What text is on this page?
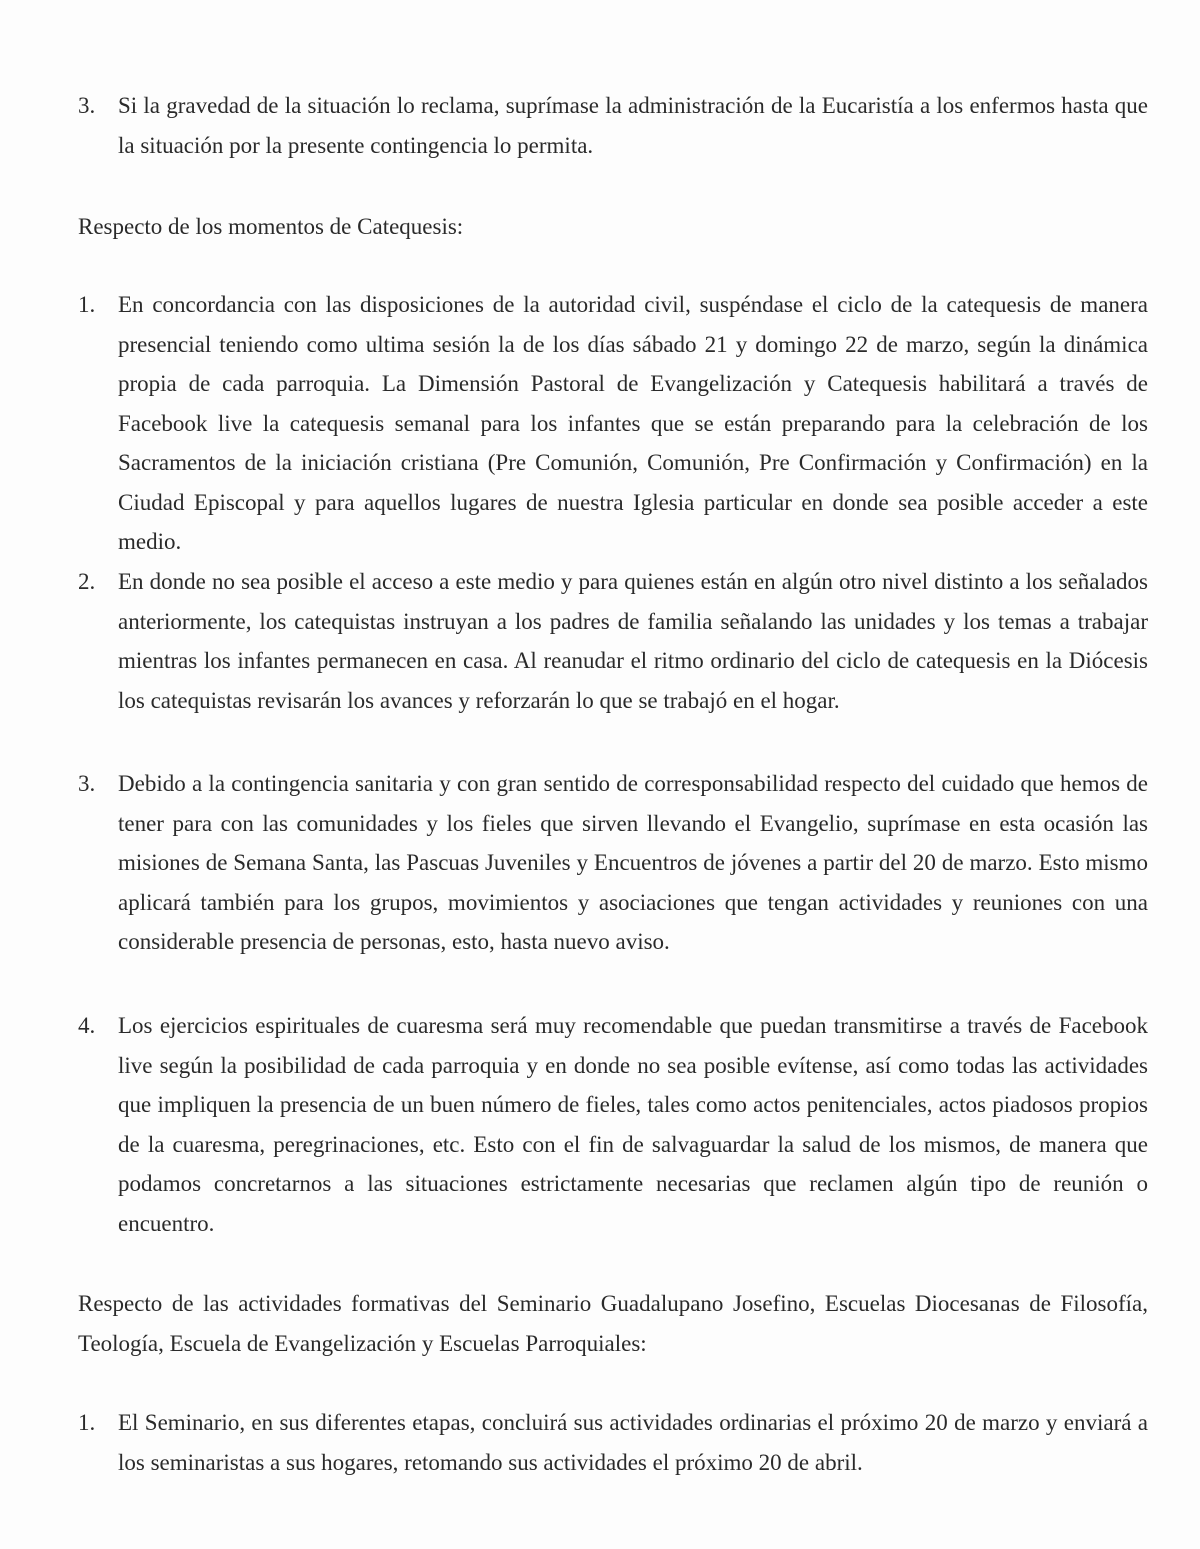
3. Si la gravedad de la situación lo reclama, suprímase la administración de la Eucaristía a los enfermos hasta que la situación por la presente contingencia lo permita.
Respecto de los momentos de Catequesis:
1. En concordancia con las disposiciones de la autoridad civil, suspéndase el ciclo de la catequesis de manera presencial teniendo como ultima sesión la de los días sábado 21 y domingo 22 de marzo, según la dinámica propia de cada parroquia. La Dimensión Pastoral de Evangelización y Catequesis habilitará a través de Facebook live la catequesis semanal para los infantes que se están preparando para la celebración de los Sacramentos de la iniciación cristiana (Pre Comunión, Comunión, Pre Confirmación y Confirmación) en la Ciudad Episcopal y para aquellos lugares de nuestra Iglesia particular en donde sea posible acceder a este medio.
2. En donde no sea posible el acceso a este medio y para quienes están en algún otro nivel distinto a los señalados anteriormente, los catequistas instruyan a los padres de familia señalando las unidades y los temas a trabajar mientras los infantes permanecen en casa. Al reanudar el ritmo ordinario del ciclo de catequesis en la Diócesis los catequistas revisarán los avances y reforzarán lo que se trabajó en el hogar.
3. Debido a la contingencia sanitaria y con gran sentido de corresponsabilidad respecto del cuidado que hemos de tener para con las comunidades y los fieles que sirven llevando el Evangelio, suprímase en esta ocasión las misiones de Semana Santa, las Pascuas Juveniles y Encuentros de jóvenes a partir del 20 de marzo. Esto mismo aplicará también para los grupos, movimientos y asociaciones que tengan actividades y reuniones con una considerable presencia de personas, esto, hasta nuevo aviso.
4. Los ejercicios espirituales de cuaresma será muy recomendable que puedan transmitirse a través de Facebook live según la posibilidad de cada parroquia y en donde no sea posible evítense, así como todas las actividades que impliquen la presencia de un buen número de fieles, tales como actos penitenciales, actos piadosos propios de la cuaresma, peregrinaciones, etc. Esto con el fin de salvaguardar la salud de los mismos, de manera que podamos concretarnos a las situaciones estrictamente necesarias que reclamen algún tipo de reunión o encuentro.
Respecto de las actividades formativas del Seminario Guadalupano Josefino, Escuelas Diocesanas de Filosofía, Teología, Escuela de Evangelización y Escuelas Parroquiales:
1. El Seminario, en sus diferentes etapas, concluirá sus actividades ordinarias el próximo 20 de marzo y enviará a los seminaristas a sus hogares, retomando sus actividades el próximo 20 de abril.
